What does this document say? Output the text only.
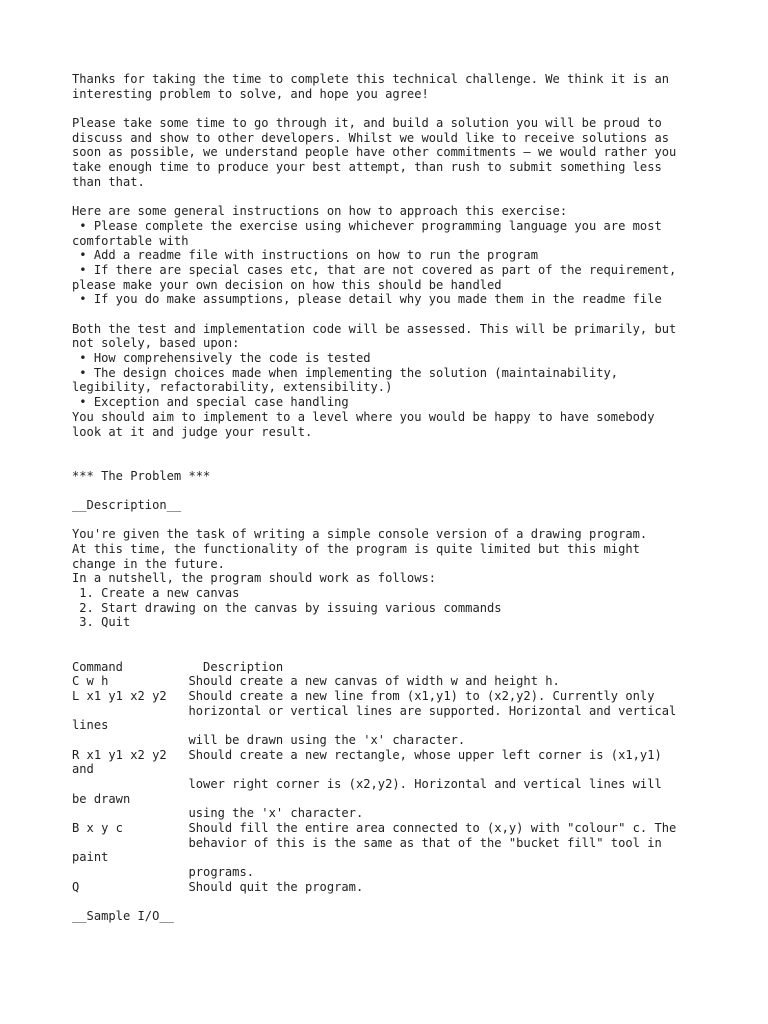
Thanks for taking the time to complete this technical challenge. We think it is an
interesting problem to solve, and hope you agree!
Please take some time to go through it, and build a solution you will be proud to
discuss and show to other developers. Whilst we would like to receive solutions as
soon as possible, we understand people have other commitments – we would rather you
take enough time to produce your best attempt, than rush to submit something less
than that.
Here are some general instructions on how to approach this exercise:
• Please complete the exercise using whichever programming language you are most
comfortable with
• Add a readme file with instructions on how to run the program
• If there are special cases etc, that are not covered as part of the requirement,
please make your own decision on how this should be handled
• If you do make assumptions, please detail why you made them in the readme file
Both the test and implementation code will be assessed. This will be primarily, but
not solely, based upon:
• How comprehensively the code is tested
• The design choices made when implementing the solution (maintainability,
legibility, refactorability, extensibility.)
• Exception and special case handling
You should aim to implement to a level where you would be happy to have somebody
look at it and judge your result.
*** The Problem ***
__Description__
You're given the task of writing a simple console version of a drawing program.
At this time, the functionality of the program is quite limited but this might
change in the future.
In a nutshell, the program should work as follows:
1. Create a new canvas
2. Start drawing on the canvas by issuing various commands
3. Quit
Command           Description
C w h           Should create a new canvas of width w and height h.
L x1 y1 x2 y2   Should create a new line from (x1,y1) to (x2,y2). Currently only
horizontal or vertical lines are supported. Horizontal and vertical
lines
will be drawn using the 'x' character.
R x1 y1 x2 y2   Should create a new rectangle, whose upper left corner is (x1,y1)
and
lower right corner is (x2,y2). Horizontal and vertical lines will
be drawn
using the 'x' character.
B x y c         Should fill the entire area connected to (x,y) with "colour" c. The
behavior of this is the same as that of the "bucket fill" tool in
paint
programs.
Q               Should quit the program.
__Sample I/O__
